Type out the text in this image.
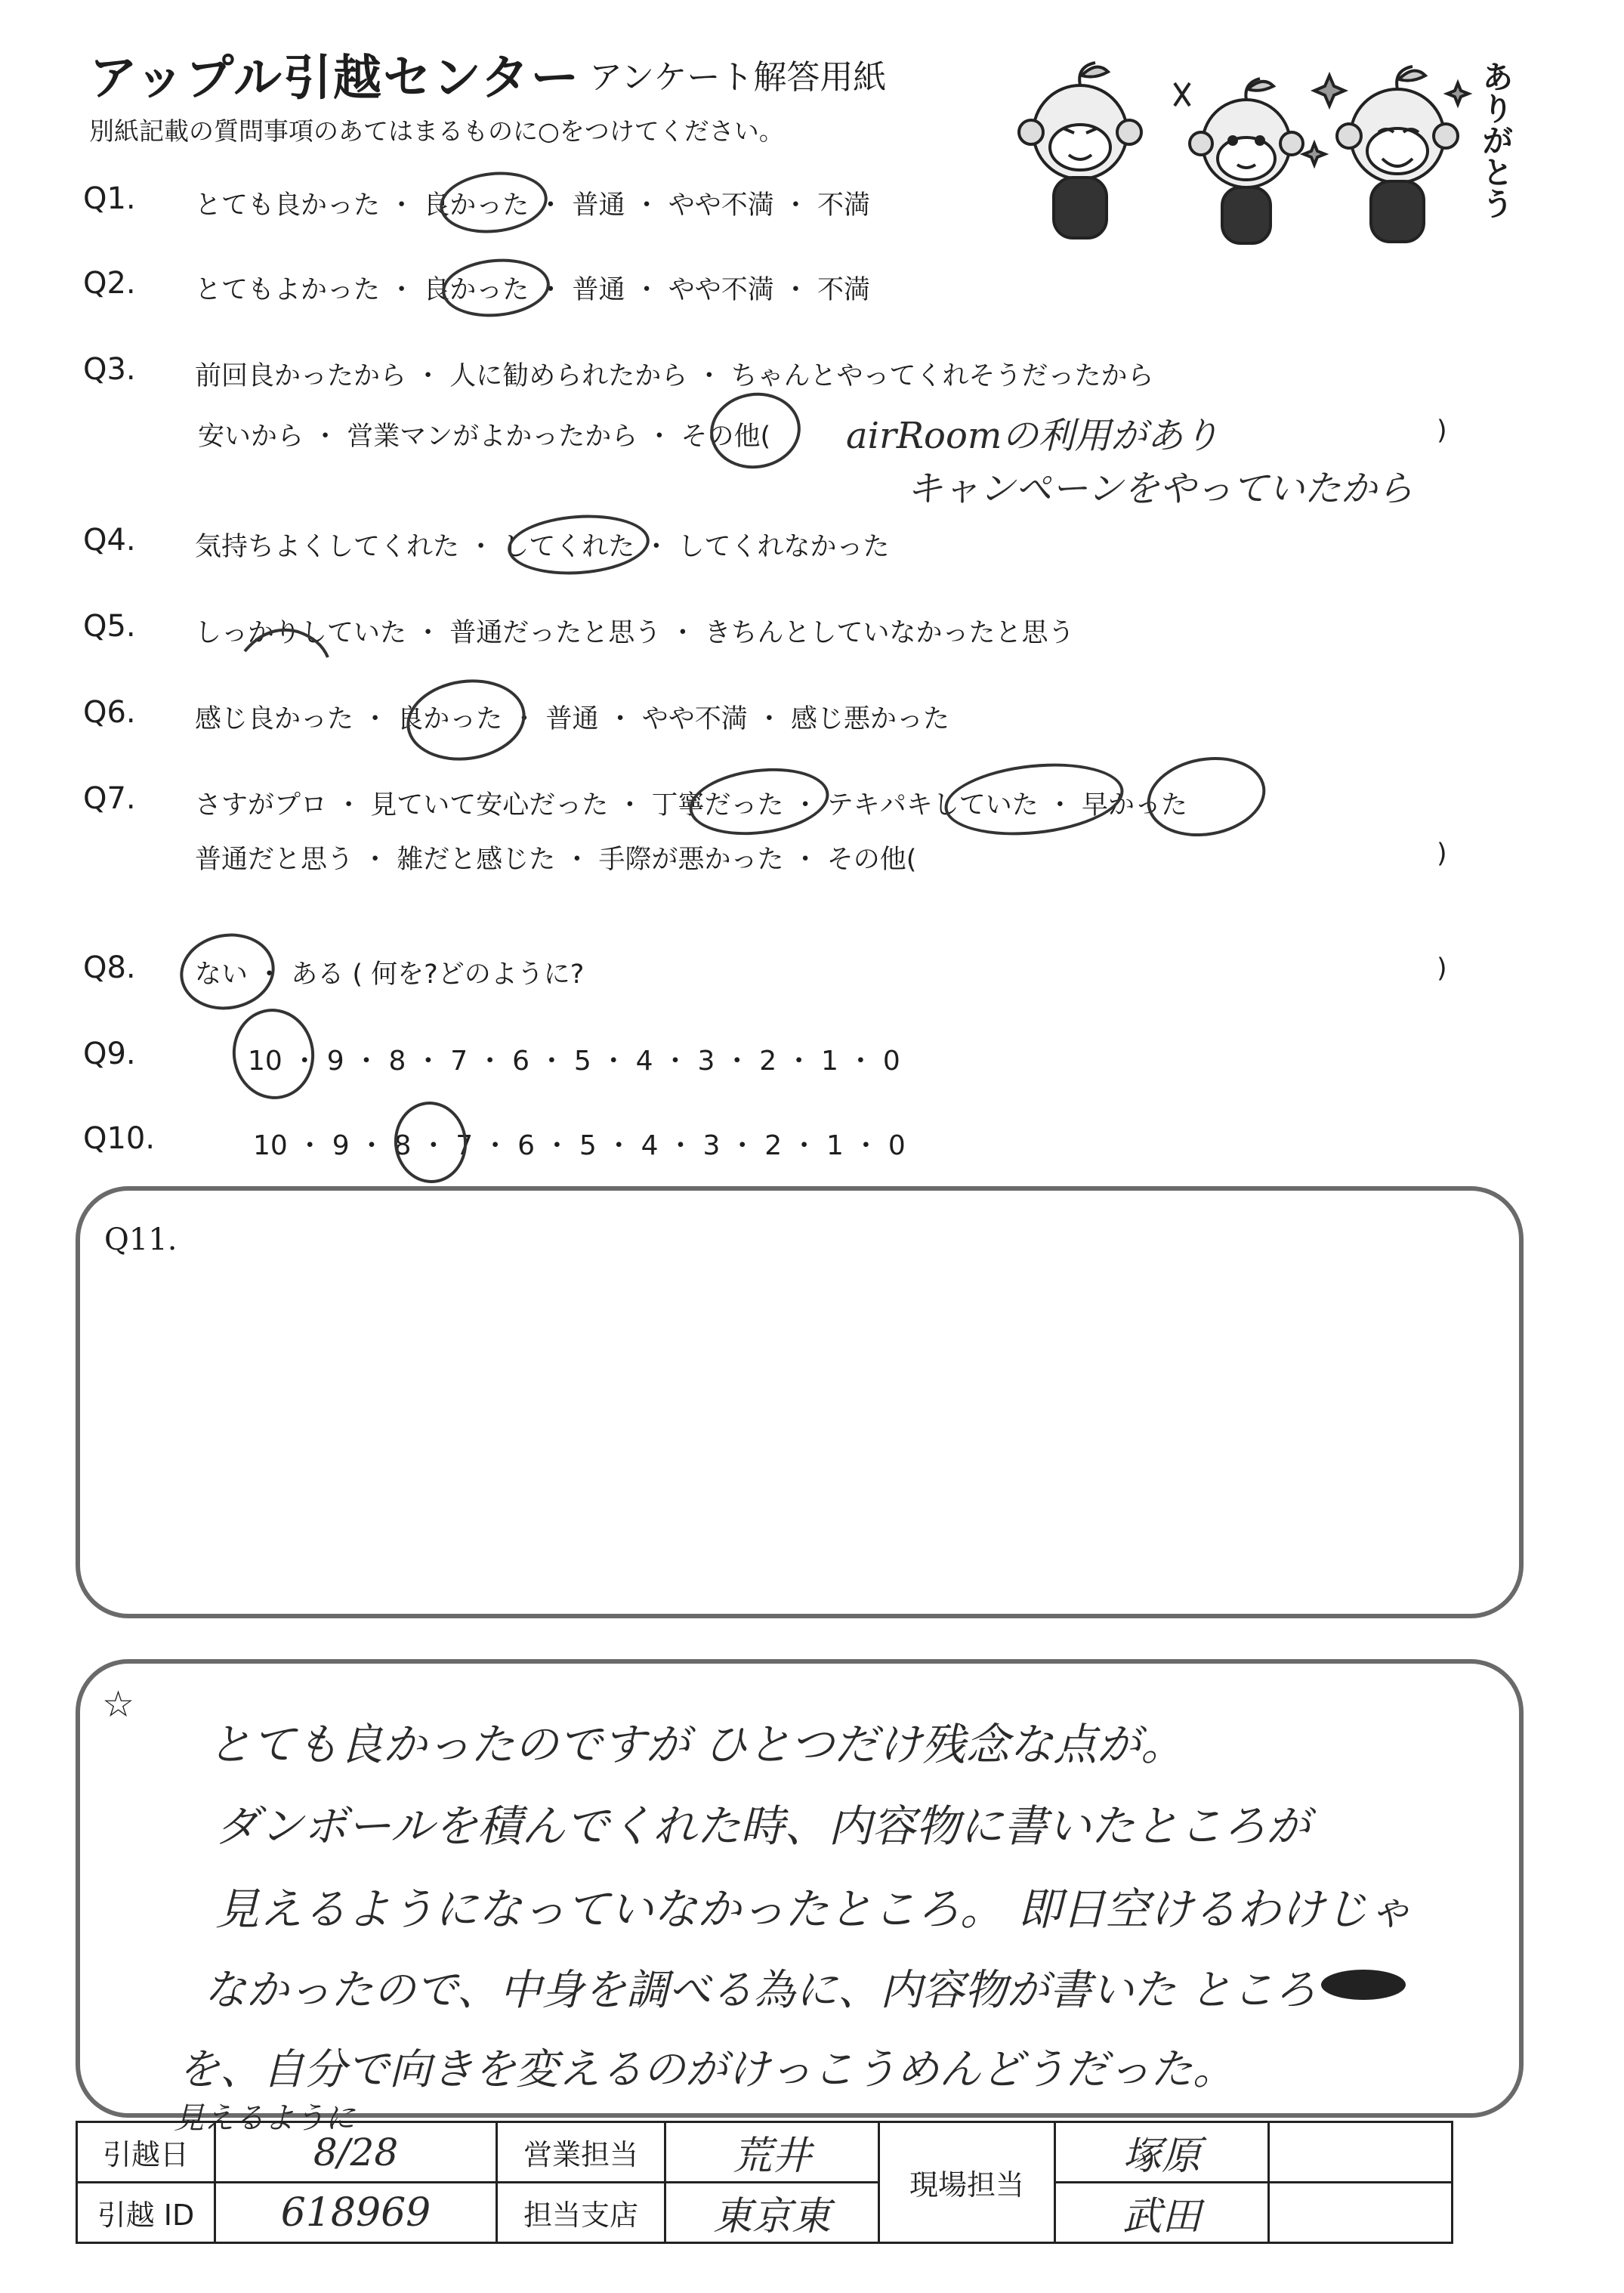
アップル引越センター アンケート解答用紙
別紙記載の質問事項のあてはまるものに○をつけてください。	ありがとう
Q1. とても良かった ・ 良かった ・ 普通 ・ やや不満 ・ 不満
Q2. とてもよかった ・ 良かった ・ 普通 ・ やや不満 ・ 不満
Q3. 前回良かったから ・ 人に勧められたから ・ ちゃんとやってくれそうだったから
安いから ・ 営業マンがよかったから ・ その他(	)
airRoomの利用があり
キャンペーンをやっていたから
Q4. 気持ちよくしてくれた ・ してくれた ・ してくれなかった
Q5. しっかりしていた ・ 普通だったと思う ・ きちんとしていなかったと思う
Q6. 感じ良かった ・ 良かった ・ 普通 ・ やや不満 ・ 感じ悪かった
Q7. さすがプロ ・ 見ていて安心だった ・ 丁寧だった ・ テキパキしていた ・ 早かった
普通だと思う ・ 雑だと感じた ・ 手際が悪かった ・ その他(	)
Q8. ない ・ ある ( 何を?どのように?	)
Q9.	10 ・ 9 ・ 8 ・ 7 ・ 6 ・ 5 ・ 4 ・ 3 ・ 2 ・ 1 ・ 0
Q10.	10 ・ 9 ・ 8 ・ 7 ・ 6 ・ 5 ・ 4 ・ 3 ・ 2 ・ 1 ・ 0
Q11.
☆
とても良かったのですが ひとつだけ残念な点が。
ダンボールを積んでくれた時、内容物に書いたところが
見えるようになっていなかったところ。 即日空けるわけじゃ
なかったので、中身を調べる為に、内容物が書いた ところ
を、自分で向きを変えるのがけっこうめんどうだった。
見えるように
引越日	8/28	営業担当	荒井	現場担当	塚原	
引越 ID	618969	担当支店	東京東		武田	
